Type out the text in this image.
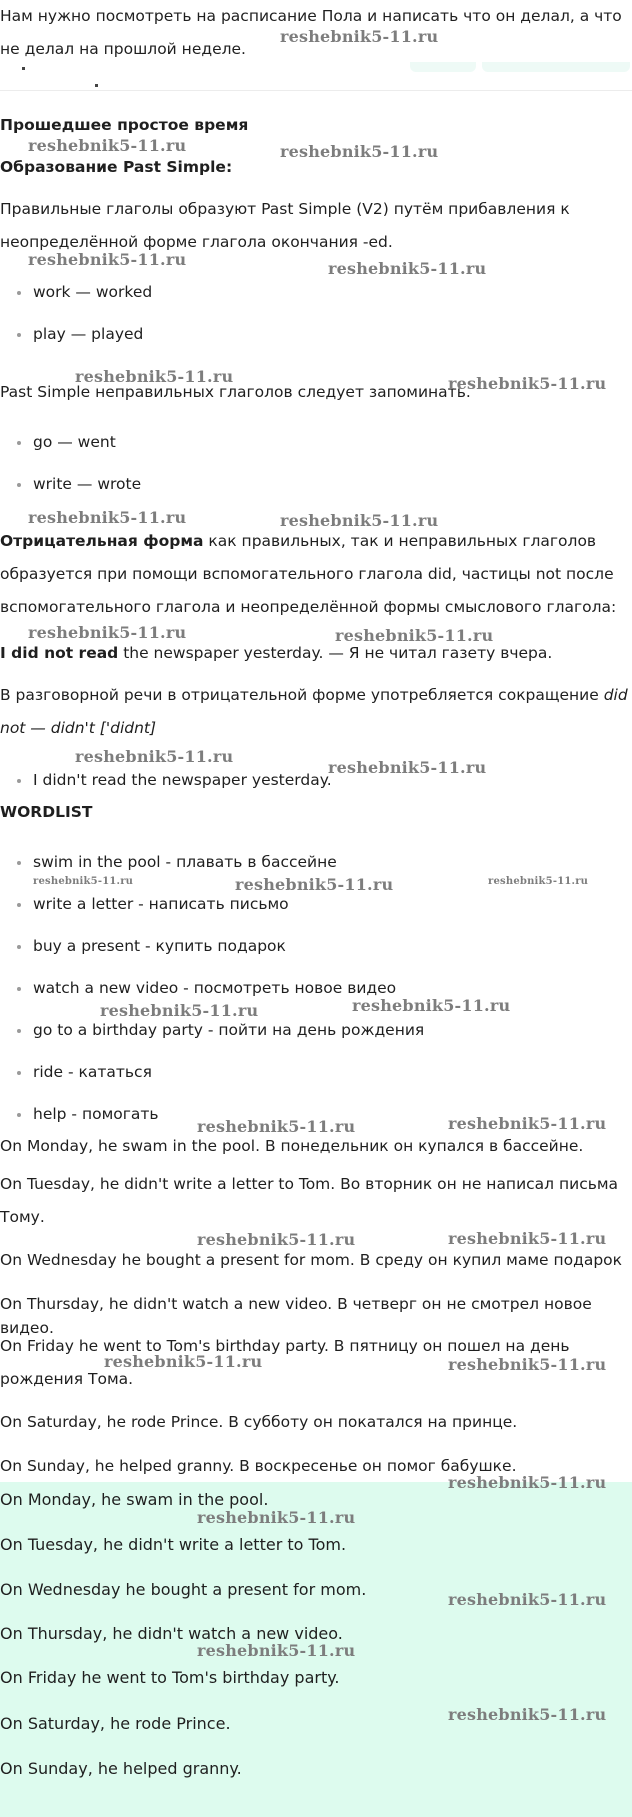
Нам нужно посмотреть на расписание Пола и написать что он делал, а что не делал на прошлой неделе.

Прошедшее простое время
Образование Past Simple:

Правильные глаголы образуют Past Simple (V2) путём прибавления к неопределённой форме глагола окончания -ed.

work — worked
play — played
Past Simple неправильных глаголов следует запоминать.
go — went
write — wrote

Отрицательная форма как правильных, так и неправильных глаголов образуется при помощи вспомогательного глагола did, частицы not после вспомогательного глагола и неопределённой формы смыслового глагола:

I did not read the newspaper yesterday. — Я не читал газету вчера.

В разговорной речи в отрицательной форме употребляется сокращение did not — didn't ['didnt]

I didn't read the newspaper yesterday.
WORDLIST
swim in the pool - плавать в бассейне
write a letter - написать письмо
buy a present - купить подарок
watch a new video - посмотреть новое видео
go to a birthday party - пойти на день рождения
ride - кататься
help - помогать
On Monday, he swam in the pool. В понедельник он купался в бассейне.

On Tuesday, he didn't write a letter to Tom. Во вторник он не написал письма Тому.

On Wednesday he bought a present for mom. В среду он купил маме подарок
On Thursday, he didn't watch a new video. В четверг он не смотрел новое видео.

On Friday he went to Tom's birthday party. В пятницу он пошел на день рождения Тома.

On Saturday, he rode Prince. В субботу он покатался на принце.
On Sunday, he helped granny. В воскресенье он помог бабушке.
On Monday, he swam in the pool.
On Tuesday, he didn't write a letter to Tom.
On Wednesday he bought a present for mom.
On Thursday, he didn't watch a new video.
On Friday he went to Tom's birthday party.
On Saturday, he rode Prince.
On Sunday, he helped granny.
reshebnik5-11.ru
reshebnik5-11.ru	reshebnik5-11.ru
reshebnik5-11.ru	reshebnik5-11.ru
reshebnik5-11.ru	reshebnik5-11.ru
reshebnik5-11.ru	reshebnik5-11.ru
reshebnik5-11.ru	reshebnik5-11.ru
reshebnik5-11.ru
reshebnik5-11.ru
reshebnik5-11.ru	reshebnik5-11.ru	reshebnik5-11.ru
reshebnik5-11.ru	reshebnik5-11.ru
reshebnik5-11.ru	reshebnik5-11.ru
reshebnik5-11.ru	reshebnik5-11.ru
reshebnik5-11.ru	reshebnik5-11.ru
reshebnik5-11.ru
reshebnik5-11.ru
reshebnik5-11.ru
reshebnik5-11.ru
reshebnik5-11.ru
